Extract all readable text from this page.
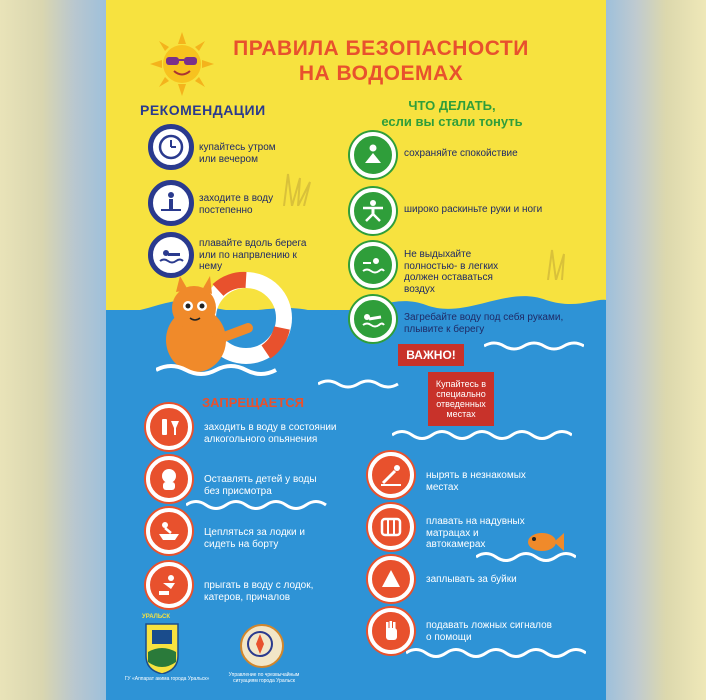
ПРАВИЛА БЕЗОПАСНОСТИ
НА ВОДОЕМАХ
РЕКОМЕНДАЦИИ	ЧТО ДЕЛАТЬ,
если вы стали тонуть
купайтесь утром или вечером
заходите в воду постепенно
плавайте вдоль берега или по напрвлению к нему
сохраняйте спокойствие
широко раскиньте руки и ноги
Не выдыхайте полностью- в легких должен оставаться воздух
Загребайте воду под себя руками, плывите к берегу
ВАЖНО!
Купайтесь в специально отведенных местах
ЗАПРЕЩАЕТСЯ
заходить в воду в состоянии алкогольного опьянения
Оставлять детей у воды без присмотра
Цепляться за лодки и сидеть на борту
прыгать в воду с лодок, катеров, причалов
нырять в незнакомых местах
плавать на надувных матрацах и автокамерах
заплывать за буйки
подавать ложных сигналов о помощи
УРАЛЬСК
ГУ «Аппарат акима города Уральск»
Управление по чрезвычайным ситуациям города Уральск
